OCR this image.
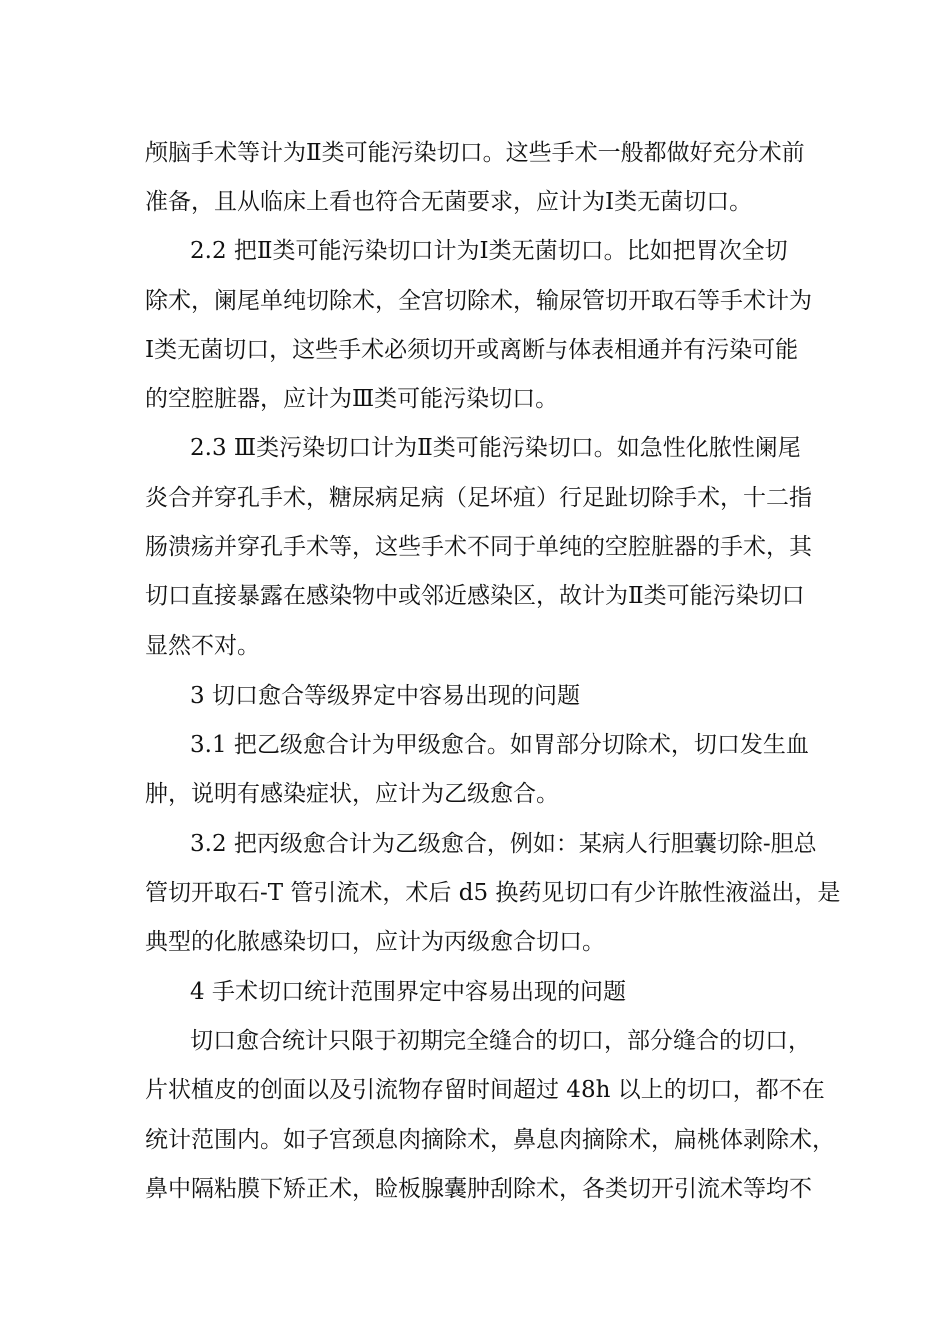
颅脑手术等计为Ⅱ类可能污染切口。这些手术一般都做好充分术前
准备，且从临床上看也符合无菌要求，应计为Ⅰ类无菌切口。
2.2 把Ⅱ类可能污染切口计为Ⅰ类无菌切口。比如把胃次全切
除术，阑尾单纯切除术，全宫切除术，输尿管切开取石等手术计为
Ⅰ类无菌切口，这些手术必须切开或离断与体表相通并有污染可能
的空腔脏器，应计为Ⅲ类可能污染切口。
2.3 Ⅲ类污染切口计为Ⅱ类可能污染切口。如急性化脓性阑尾
炎合并穿孔手术，糖尿病足病（足坏疽）行足趾切除手术，十二指
肠溃疡并穿孔手术等，这些手术不同于单纯的空腔脏器的手术，其
切口直接暴露在感染物中或邻近感染区，故计为Ⅱ类可能污染切口
显然不对。
3 切口愈合等级界定中容易出现的问题
3.1 把乙级愈合计为甲级愈合。如胃部分切除术，切口发生血
肿，说明有感染症状，应计为乙级愈合。
3.2 把丙级愈合计为乙级愈合，例如：某病人行胆囊切除-胆总
管切开取石-T 管引流术，术后 d5 换药见切口有少许脓性液溢出，是
典型的化脓感染切口，应计为丙级愈合切口。
4 手术切口统计范围界定中容易出现的问题
切口愈合统计只限于初期完全缝合的切口，部分缝合的切口，
片状植皮的创面以及引流物存留时间超过 48h 以上的切口，都不在
统计范围内。如子宫颈息肉摘除术，鼻息肉摘除术，扁桃体剥除术，
鼻中隔粘膜下矫正术，睑板腺囊肿刮除术，各类切开引流术等均不
